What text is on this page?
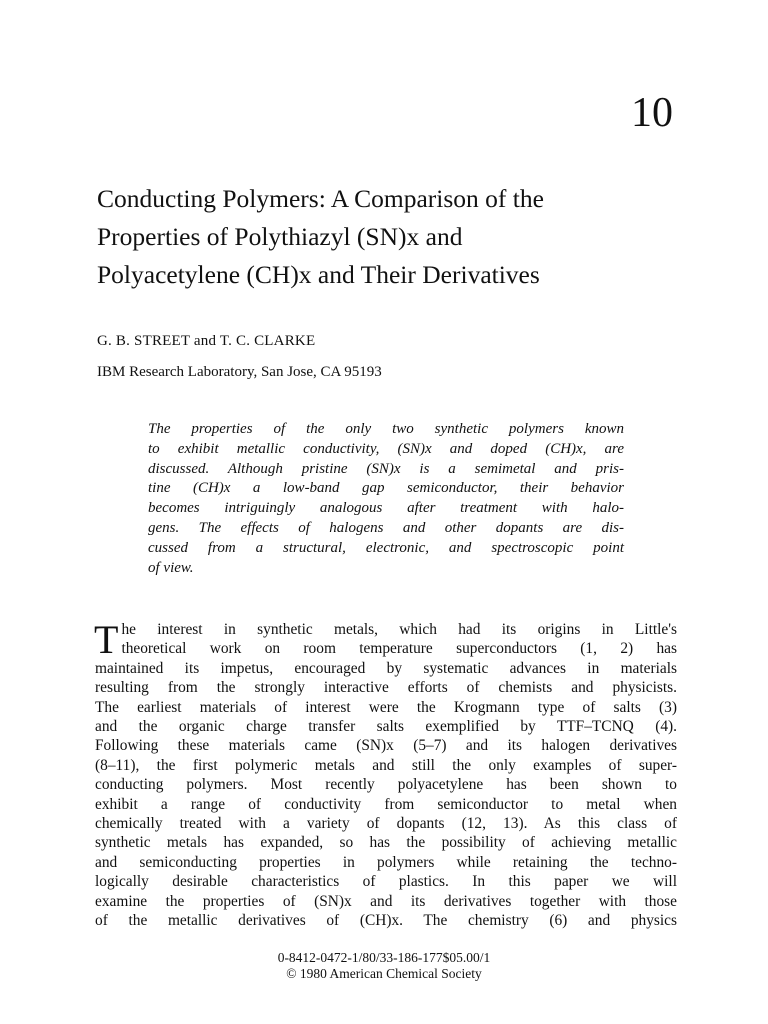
10
Conducting Polymers: A Comparison of the
Properties of Polythiazyl (SN)x and
Polyacetylene (CH)x and Their Derivatives
G. B. STREET and T. C. CLARKE
IBM Research Laboratory, San Jose, CA 95193
The properties of the only two synthetic polymers known
to exhibit metallic conductivity, (SN)x and doped (CH)x, are
discussed. Although pristine (SN)x is a semimetal and pris-
tine (CH)x a low-band gap semiconductor, their behavior
becomes intriguingly analogous after treatment with halo-
gens. The effects of halogens and other dopants are dis-
cussed from a structural, electronic, and spectroscopic point
of view.
T he interest in synthetic metals, which had its origins in Little's
theoretical work on room temperature superconductors (1, 2) has
maintained its impetus, encouraged by systematic advances in materials
resulting from the strongly interactive efforts of chemists and physicists.
The earliest materials of interest were the Krogmann type of salts (3)
and the organic charge transfer salts exemplified by TTF–TCNQ (4).
Following these materials came (SN)x (5–7) and its halogen derivatives
(8–11), the first polymeric metals and still the only examples of super-
conducting polymers. Most recently polyacetylene has been shown to
exhibit a range of conductivity from semiconductor to metal when
chemically treated with a variety of dopants (12, 13). As this class of
synthetic metals has expanded, so has the possibility of achieving metallic
and semiconducting properties in polymers while retaining the techno-
logically desirable characteristics of plastics. In this paper we will
examine the properties of (SN)x and its derivatives together with those
of the metallic derivatives of (CH)x. The chemistry (6) and physics
0-8412-0472-1/80/33-186-177$05.00/1
© 1980 American Chemical Society
